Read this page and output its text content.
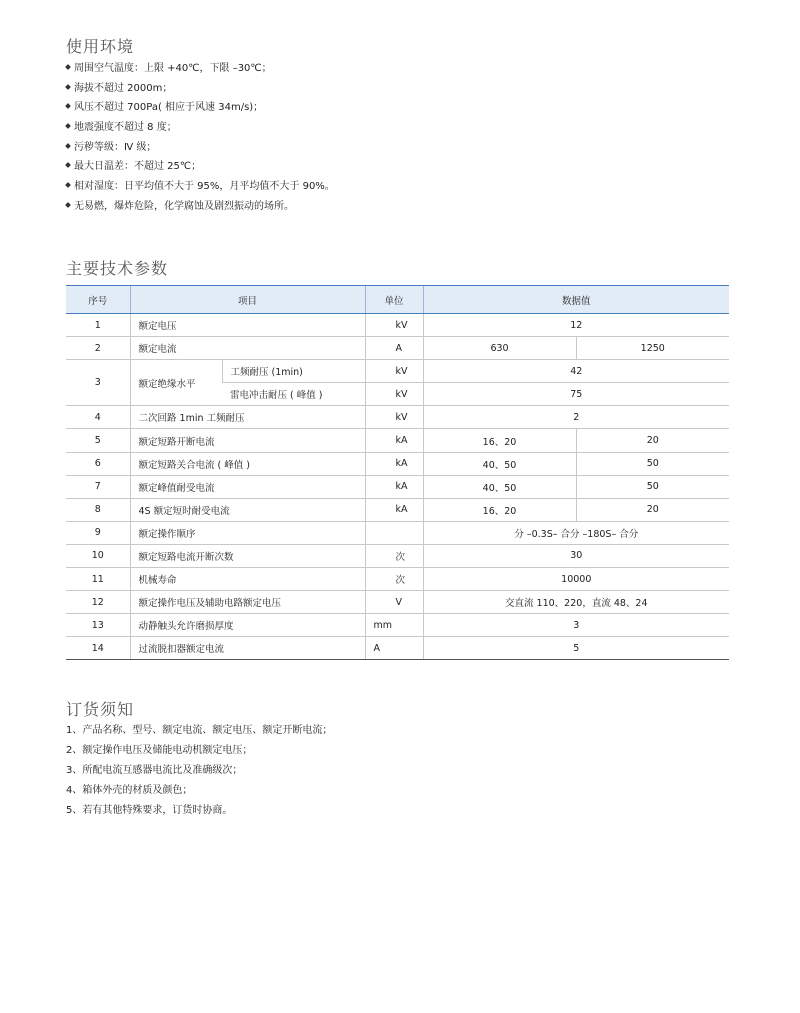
使用环境
周围空气温度：上限 +40℃，下限 –30℃；
海拔不超过 2000m；
风压不超过 700Pa( 相应于风速 34m/s)；
地震强度不超过 8 度；
污秽等级：Ⅳ 级；
最大日温差：不超过 25℃；
相对湿度：日平均值不大于 95%，月平均值不大于 90%。
无易燃，爆炸危险，化学腐蚀及剧烈振动的场所。
主要技术参数
序号	项目		单位	数据值	
1	额定电压		kV	12	
2	额定电流		A	630	1250
3	额定绝缘水平	工频耐压 (1min)	kV	42	
		雷电冲击耐压 ( 峰值 )	kV	75	
4	二次回路 1min 工频耐压		kV	2	
5	额定短路开断电流		kA	16、20	20
6	额定短路关合电流 ( 峰值 )		kA	40、50	50
7	额定峰值耐受电流		kA	40、50	50
8	4S 额定短时耐受电流		kA	16、20	20
9	额定操作顺序			分 –0.3S– 合分 –180S– 合分	
10	额定短路电流开断次数		次	30	
11	机械寿命		次	10000	
12	额定操作电压及辅助电路额定电压		V	交直流 110、220，直流 48、24	
13	动静触头允许磨损厚度		mm	3	
14	过流脱扣器额定电流		A	5	
订货须知
1、产品名称、型号、额定电流、额定电压、额定开断电流；
2、额定操作电压及储能电动机额定电压；
3、所配电流互感器电流比及准确级次；
4、箱体外壳的材质及颜色；
5、若有其他特殊要求，订货时协商。
